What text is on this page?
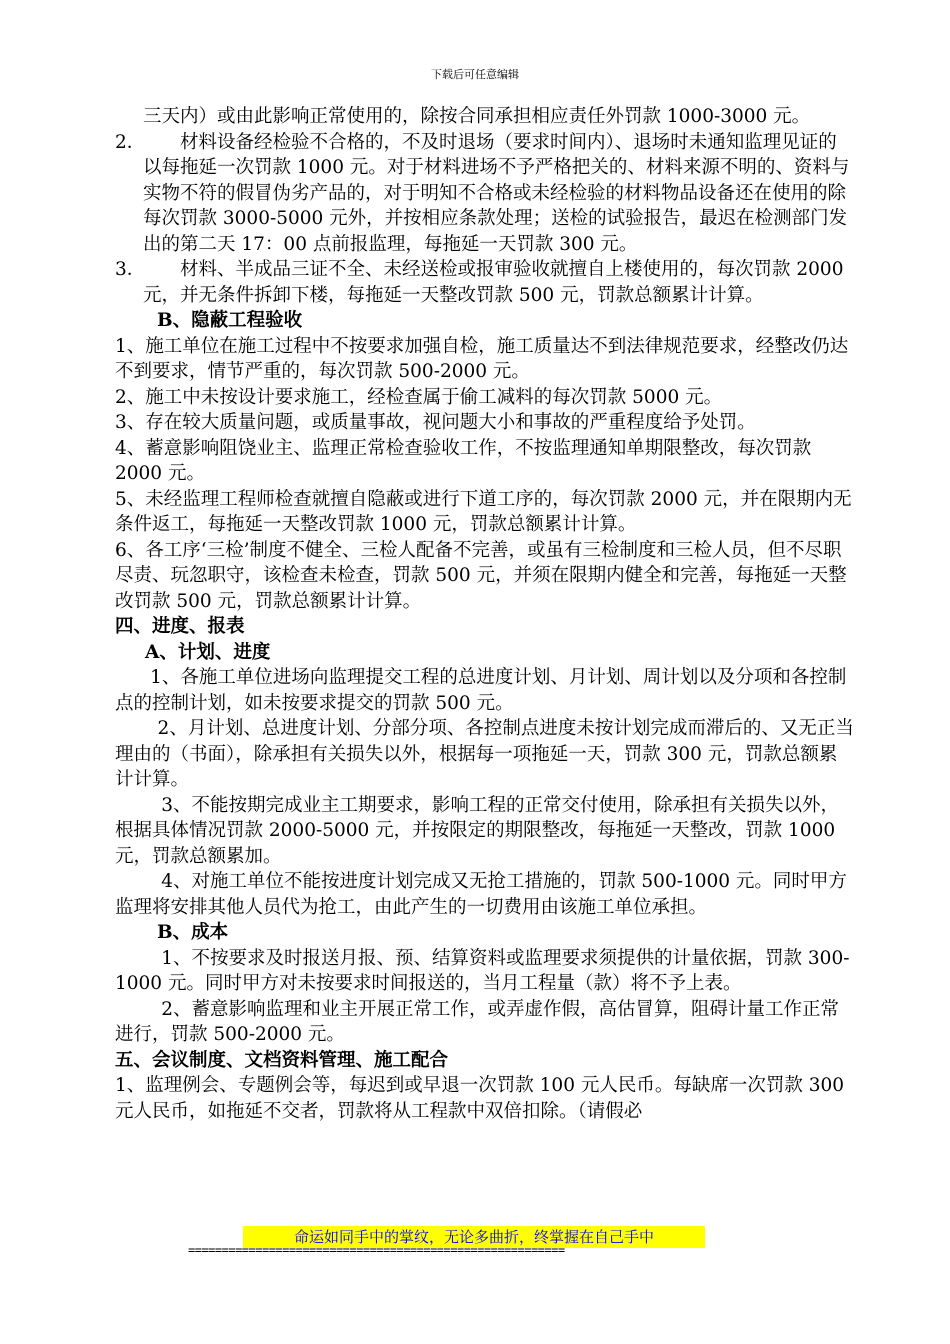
下载后可任意编辑

三天内）或由此影响正常使用的，除按合同承担相应责任外罚款 1000-3000 元。

2．	材料设备经检验不合格的，不及时退场（要求时间内）、退场时未通知监理见证的以每拖延一次罚款 1000 元。对于材料进场不予严格把关的、材料来源不明的、资料与实物不符的假冒伪劣产品的，对于明知不合格或未经检验的材料物品设备还在使用的除每次罚款 3000-5000 元外，并按相应条款处理；送检的试验报告，最迟在检测部门发出的第二天 17：00 点前报监理，每拖延一天罚款 300 元。
3．	材料、半成品三证不全、未经送检或报审验收就擅自上楼使用的，每次罚款 2000 元，并无条件拆卸下楼，每拖延一天整改罚款 500 元，罚款总额累计计算。

B、隐蔽工程验收

1、施工单位在施工过程中不按要求加强自检，施工质量达不到法律规范要求，经整改仍达不到要求，情节严重的，每次罚款 500-2000 元。

2、施工中未按设计要求施工，经检查属于偷工减料的每次罚款 5000 元。

3、存在较大质量问题，或质量事故，视问题大小和事故的严重程度给予处罚。

4、蓄意影响阻饶业主、监理正常检查验收工作，不按监理通知单期限整改，每次罚款 2000 元。

5、未经监理工程师检查就擅自隐蔽或进行下道工序的，每次罚款 2000 元，并在限期内无条件返工，每拖延一天整改罚款 1000 元，罚款总额累计计算。

6、各工序‘三检’制度不健全、三检人配备不完善，或虽有三检制度和三检人员，但不尽职尽责、玩忽职守，该检查未检查，罚款 500 元，并须在限期内健全和完善，每拖延一天整改罚款 500 元，罚款总额累计计算。

四、进度、报表

A、计划、进度

1、各施工单位进场向监理提交工程的总进度计划、月计划、周计划以及分项和各控制点的控制计划，如未按要求提交的罚款 500 元。

2、月计划、总进度计划、分部分项、各控制点进度未按计划完成而滞后的、又无正当理由的（书面），除承担有关损失以外，根据每一项拖延一天，罚款 300 元，罚款总额累计计算。

3、不能按期完成业主工期要求，影响工程的正常交付使用，除承担有关损失以外，根据具体情况罚款 2000-5000 元，并按限定的期限整改，每拖延一天整改，罚款 1000 元，罚款总额累加。

4、对施工单位不能按进度计划完成又无抢工措施的，罚款 500-1000 元。同时甲方监理将安排其他人员代为抢工，由此产生的一切费用由该施工单位承担。

B、成本

1、不按要求及时报送月报、预、结算资料或监理要求须提供的计量依据，罚款 300-1000 元。同时甲方对未按要求时间报送的，当月工程量（款）将不予上表。

2、蓄意影响监理和业主开展正常工作，或弄虚作假，高估冒算，阻碍计量工作正常进行，罚款 500-2000 元。

五、会议制度、文档资料管理、施工配合

1、监理例会、专题例会等，每迟到或早退一次罚款 100 元人民币。每缺席一次罚款 300 元人民币，如拖延不交者，罚款将从工程款中双倍扣除。（请假必

命运如同手中的掌纹，无论多曲折，终掌握在自己手中
========================================================
